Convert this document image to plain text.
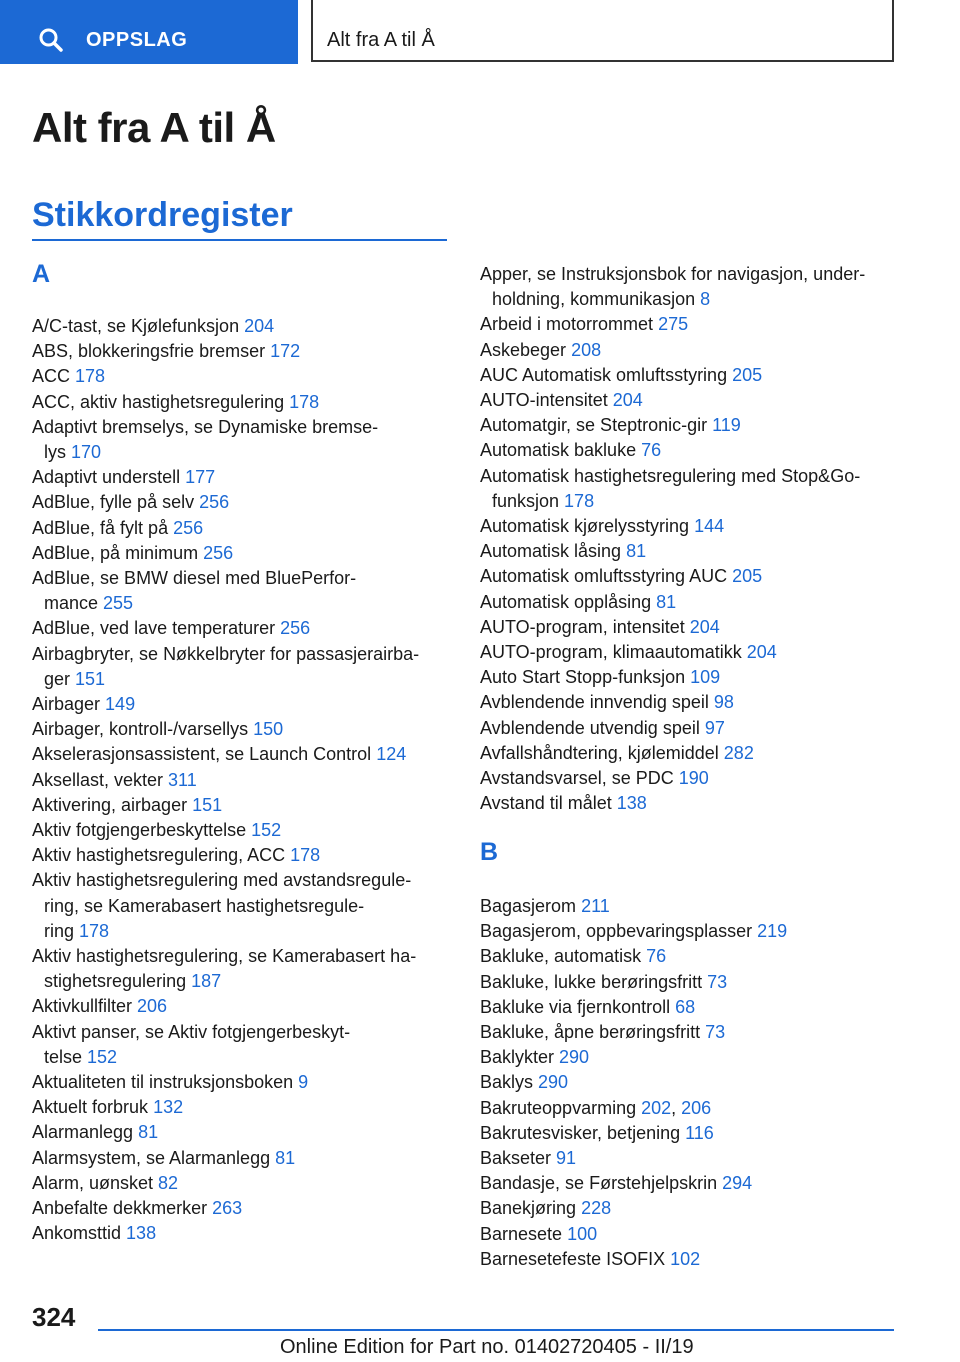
OPPSLAG	Alt fra A til Å
Alt fra A til Å
Stikkordregister
A
A/C-tast, se Kjølefunksjon 204
ABS, blokkeringsfrie bremser 172
ACC 178
ACC, aktiv hastighetsregulering 178
Adaptivt bremselys, se Dynamiske bremse-
lys 170
Adaptivt understell 177
AdBlue, fylle på selv 256
AdBlue, få fylt på 256
AdBlue, på minimum 256
AdBlue, se BMW diesel med BluePerfor-
mance 255
AdBlue, ved lave temperaturer 256
Airbagbryter, se Nøkkelbryter for passasjerairba-
ger 151
Airbager 149
Airbager, kontroll-/varsellys 150
Akselerasjonsassistent, se Launch Control 124
Aksellast, vekter 311
Aktivering, airbager 151
Aktiv fotgjengerbeskyttelse 152
Aktiv hastighetsregulering, ACC 178
Aktiv hastighetsregulering med avstandsregule-
ring, se Kamerabasert hastighetsregule-
ring 178
Aktiv hastighetsregulering, se Kamerabasert ha-
stighetsregulering 187
Aktivkullfilter 206
Aktivt panser, se Aktiv fotgjengerbeskyt-
telse 152
Aktualiteten til instruksjonsboken 9
Aktuelt forbruk 132
Alarmanlegg 81
Alarmsystem, se Alarmanlegg 81
Alarm, uønsket 82
Anbefalte dekkmerker 263
Ankomsttid 138
Apper, se Instruksjonsbok for navigasjon, under-
holdning, kommunikasjon 8
Arbeid i motorrommet 275
Askebeger 208
AUC Automatisk omluftsstyring 205
AUTO-intensitet 204
Automatgir, se Steptronic-gir 119
Automatisk bakluke 76
Automatisk hastighetsregulering med Stop&Go-
funksjon 178
Automatisk kjørelysstyring 144
Automatisk låsing 81
Automatisk omluftsstyring AUC 205
Automatisk opplåsing 81
AUTO-program, intensitet 204
AUTO-program, klimaautomatikk 204
Auto Start Stopp-funksjon 109
Avblendende innvendig speil 98
Avblendende utvendig speil 97
Avfallshåndtering, kjølemiddel 282
Avstandsvarsel, se PDC 190
Avstand til målet 138
B
Bagasjerom 211
Bagasjerom, oppbevaringsplasser 219
Bakluke, automatisk 76
Bakluke, lukke berøringsfritt 73
Bakluke via fjernkontroll 68
Bakluke, åpne berøringsfritt 73
Baklykter 290
Baklys 290
Bakruteoppvarming 202, 206
Bakrutesvisker, betjening 116
Bakseter 91
Bandasje, se Førstehjelpskrin 294
Banekjøring 228
Barnesete 100
Barnesetefeste ISOFIX 102
324
Online Edition for Part no. 01402720405 - II/19
